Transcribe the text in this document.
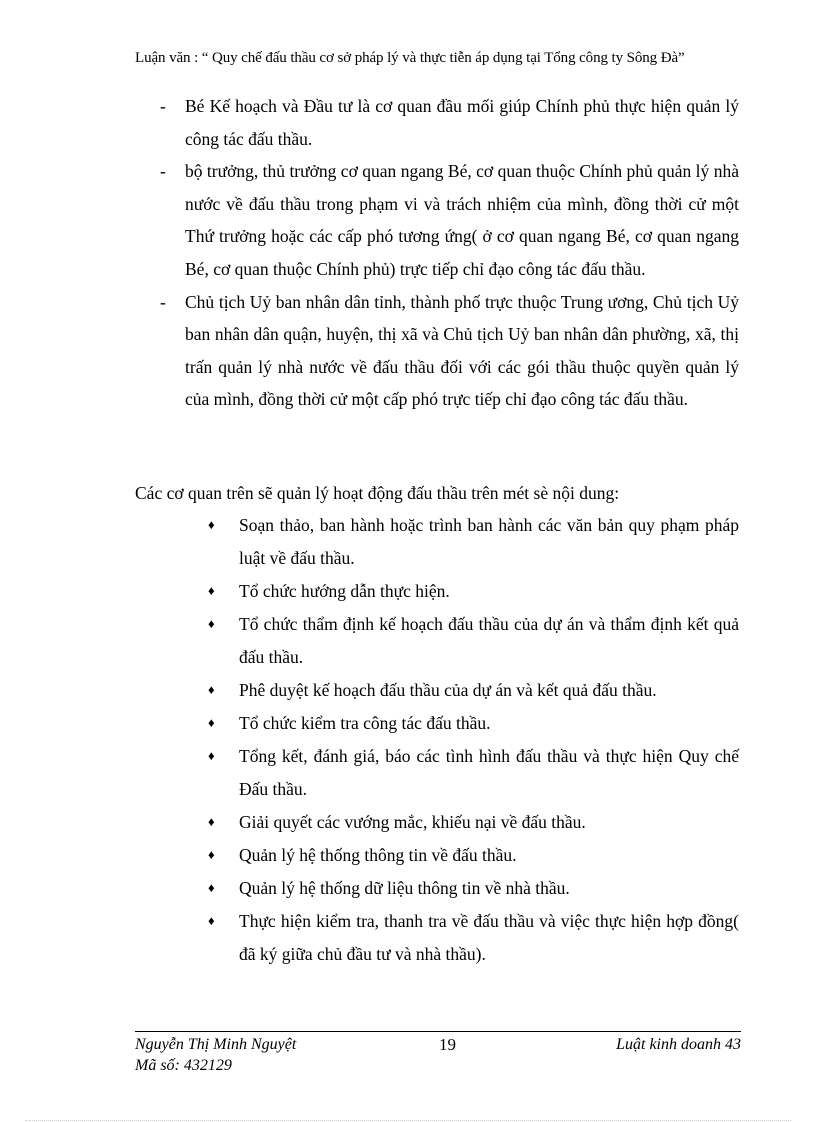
Luận văn : “ Quy chế đấu thầu cơ sở pháp lý và thực tiễn áp dụng tại Tổng công ty Sông Đà”
- Bé Kế hoạch và Đầu tư là cơ quan đầu mối giúp Chính phủ thực hiện quản lý công tác đấu thầu.
- bộ trưởng, thủ trưởng cơ quan ngang Bé, cơ quan thuộc Chính phủ quản lý nhà nước về đấu thầu trong phạm vi và trách nhiệm của mình, đồng thời cử một Thứ trưởng hoặc các cấp phó tương ứng( ở cơ quan ngang Bé, cơ quan ngang Bé, cơ quan thuộc Chính phủ) trực tiếp chỉ đạo công tác đấu thầu.
- Chủ tịch Uỷ ban nhân dân tỉnh, thành phố trực thuộc Trung ương, Chủ tịch Uỷ ban nhân dân quận, huyện, thị xã và Chủ tịch Uỷ ban nhân dân phường, xã, thị trấn quản lý nhà nước về đấu thầu đối với các gói thầu thuộc quyền quản lý của mình, đồng thời cử một cấp phó trực tiếp chỉ đạo công tác đấu thầu.
Các cơ quan trên sẽ quản lý hoạt động đấu thầu trên mét sè nội dung:
♦ Soạn thảo, ban hành hoặc trình ban hành các văn bản quy phạm pháp luật về đấu thầu.
♦ Tổ chức hướng dẫn thực hiện.
♦ Tổ chức thẩm định kế hoạch đấu thầu của dự án và thẩm định kết quả đấu thầu.
♦ Phê duyệt kế hoạch đấu thầu của dự án và kết quả đấu thầu.
♦ Tổ chức kiểm tra công tác đấu thầu.
♦ Tổng kết, đánh giá, báo các tình hình đấu thầu và thực hiện Quy chế Đấu thầu.
♦ Giải quyết các vướng mắc, khiếu nại về đấu thầu.
♦ Quản lý hệ thống thông tin về đấu thầu.
♦ Quản lý hệ thống dữ liệu thông tin về nhà thầu.
♦ Thực hiện kiểm tra, thanh tra về đấu thầu và việc thực hiện hợp đồng( đã ký giữa chủ đầu tư và nhà thầu).
Nguyễn Thị Minh Nguyệt	19	Luật kinh doanh 43
Mã số: 432129
